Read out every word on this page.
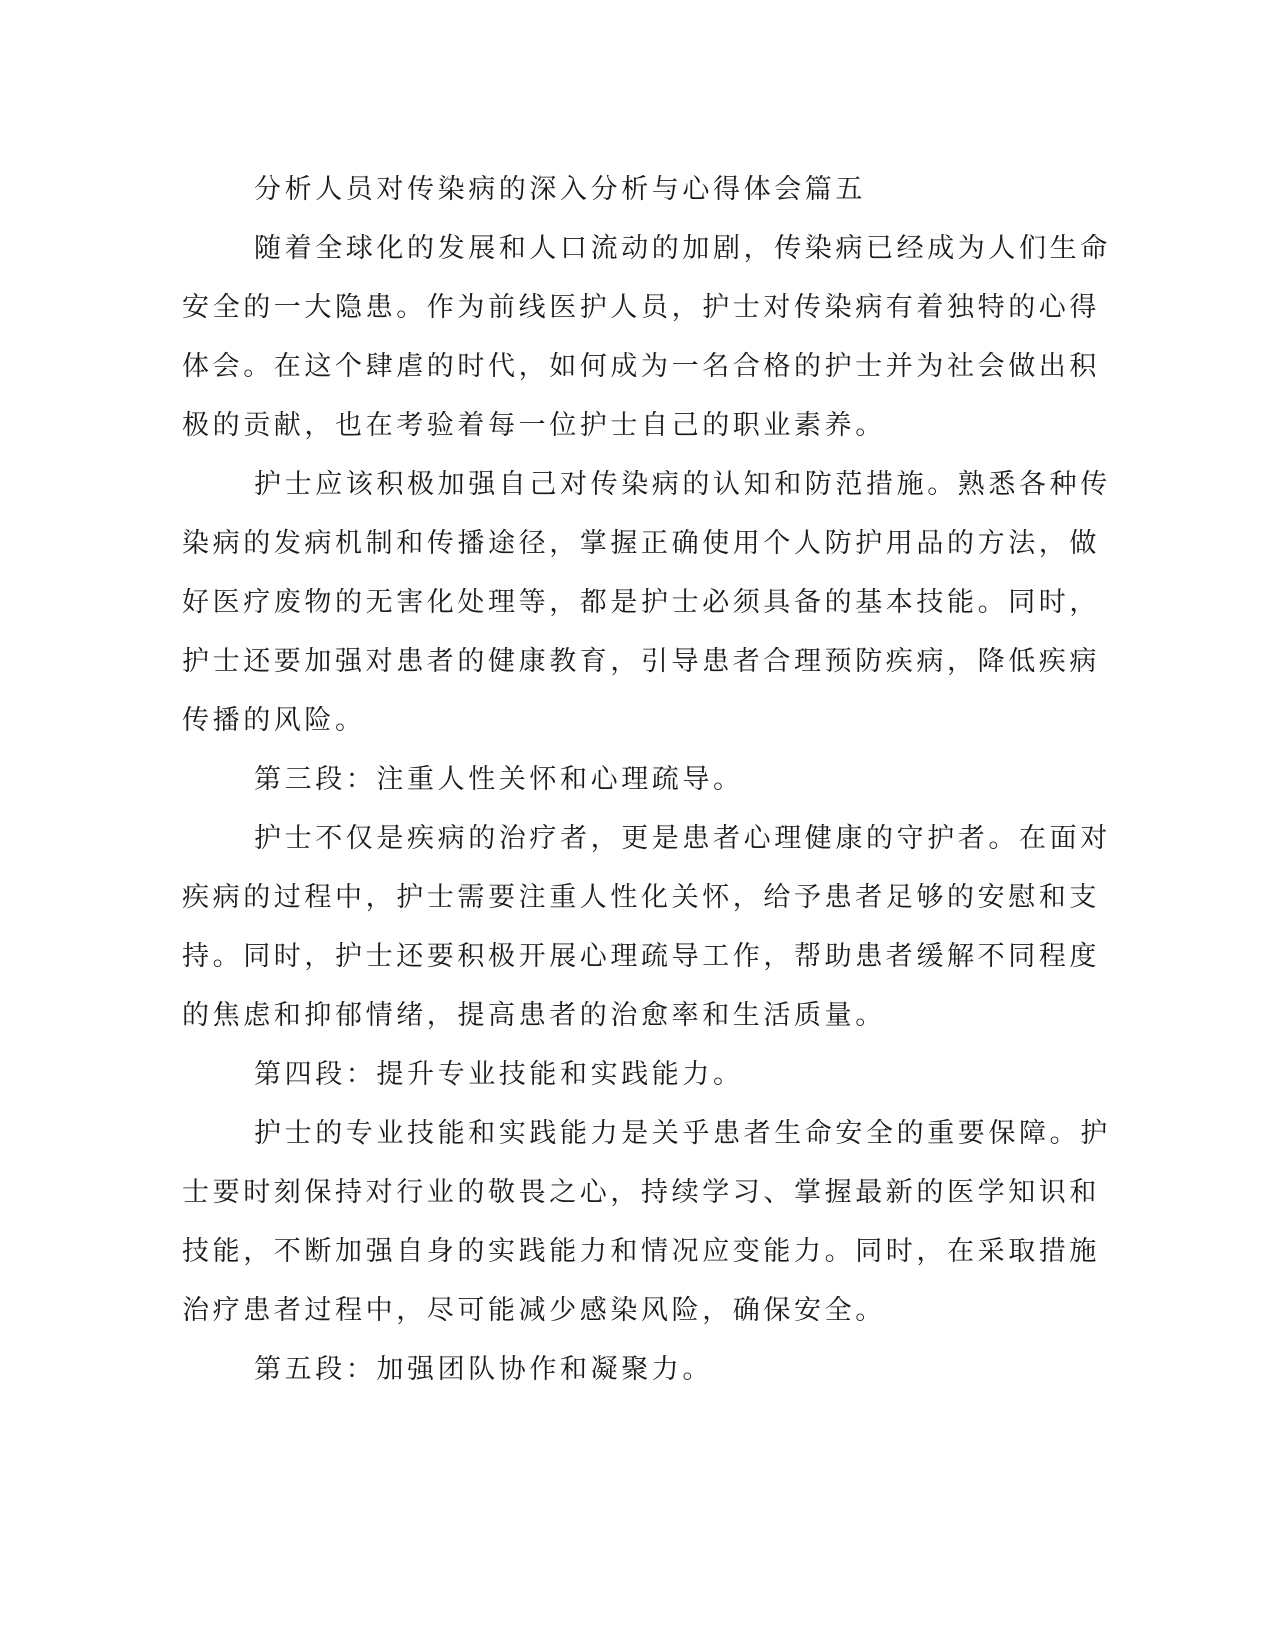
分析人员对传染病的深入分析与心得体会篇五

随着全球化的发展和人口流动的加剧，传染病已经成为人们生命

安全的一大隐患。作为前线医护人员，护士对传染病有着独特的心得

体会。在这个肆虐的时代，如何成为一名合格的护士并为社会做出积

极的贡献，也在考验着每一位护士自己的职业素养。

护士应该积极加强自己对传染病的认知和防范措施。熟悉各种传

染病的发病机制和传播途径，掌握正确使用个人防护用品的方法，做

好医疗废物的无害化处理等，都是护士必须具备的基本技能。同时，

护士还要加强对患者的健康教育，引导患者合理预防疾病，降低疾病

传播的风险。

第三段：注重人性关怀和心理疏导。

护士不仅是疾病的治疗者，更是患者心理健康的守护者。在面对

疾病的过程中，护士需要注重人性化关怀，给予患者足够的安慰和支

持。同时，护士还要积极开展心理疏导工作，帮助患者缓解不同程度

的焦虑和抑郁情绪，提高患者的治愈率和生活质量。

第四段：提升专业技能和实践能力。

护士的专业技能和实践能力是关乎患者生命安全的重要保障。护

士要时刻保持对行业的敬畏之心，持续学习、掌握最新的医学知识和

技能，不断加强自身的实践能力和情况应变能力。同时，在采取措施

治疗患者过程中，尽可能减少感染风险，确保安全。

第五段：加强团队协作和凝聚力。
